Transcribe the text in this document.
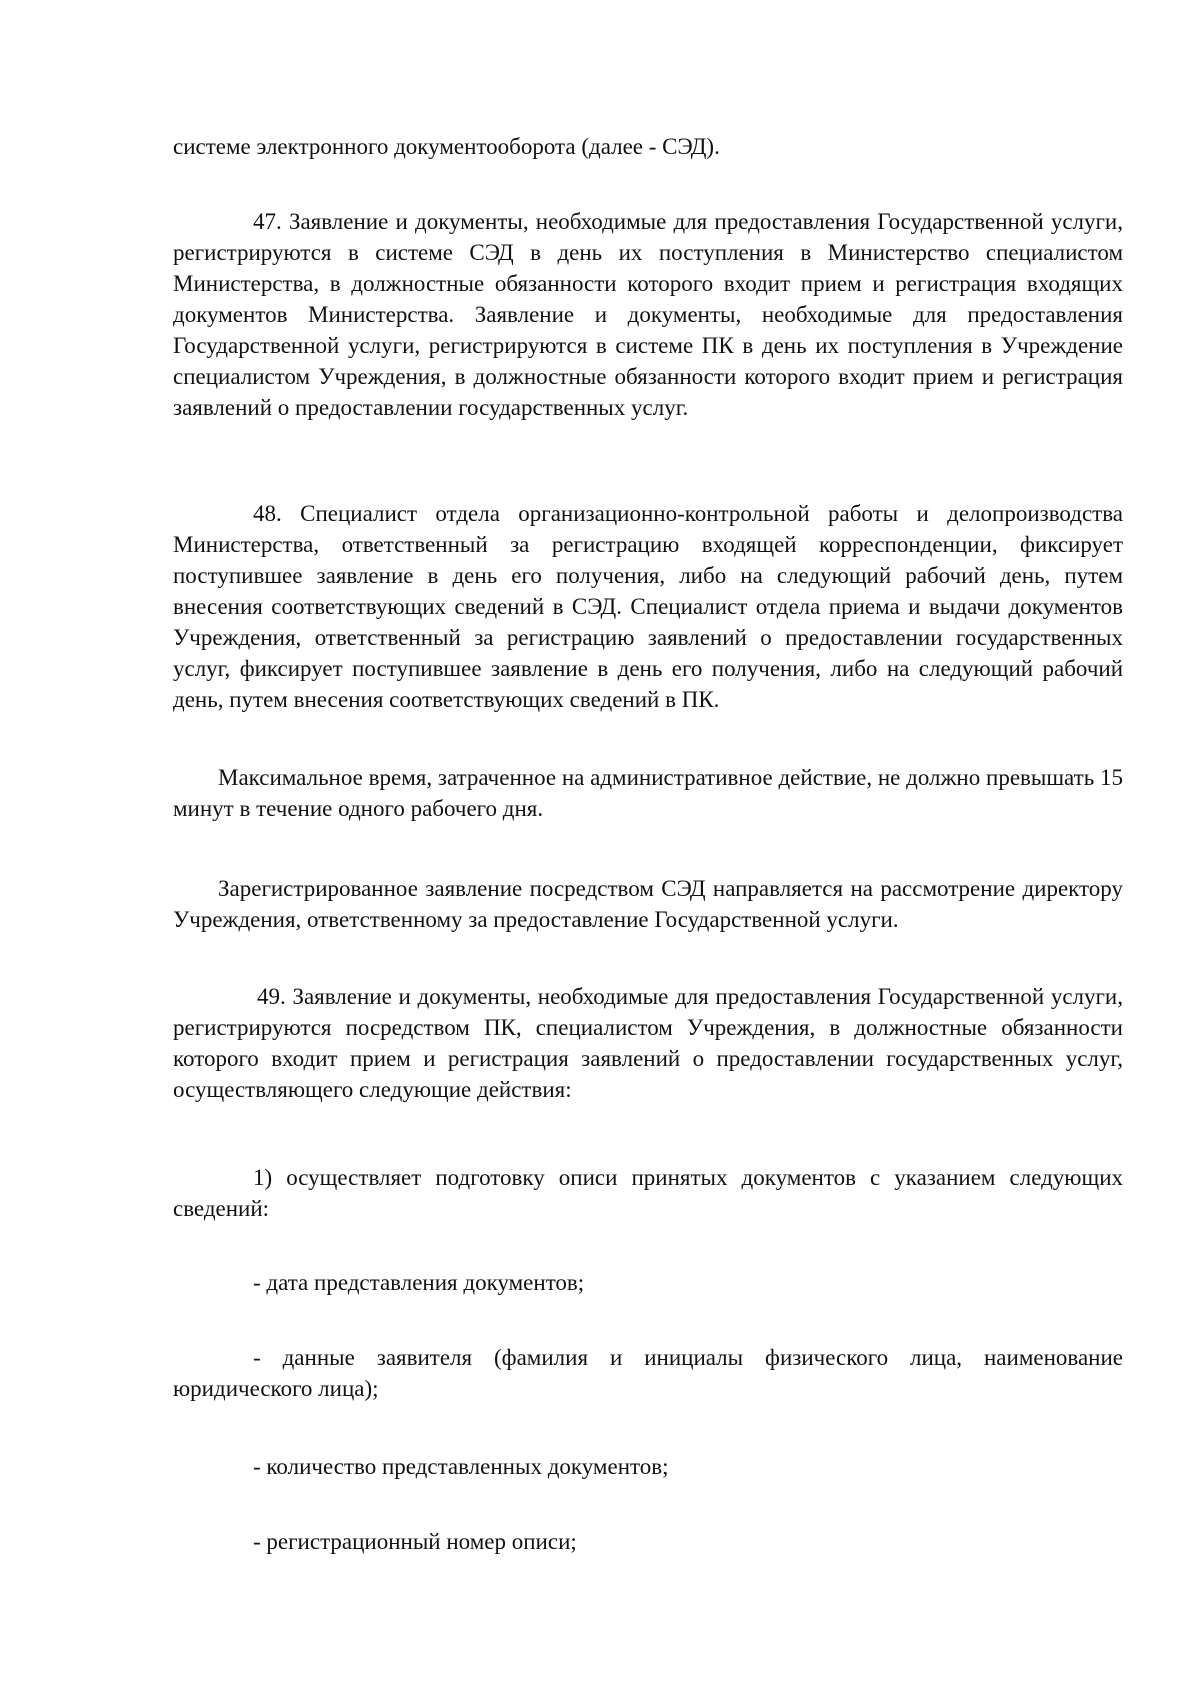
системе электронного документооборота (далее - СЭД).

47. Заявление и документы, необходимые для предоставления Государственной услуги, регистрируются в системе СЭД в день их поступления в Министерство специалистом Министерства, в должностные обязанности которого входит прием и регистрация входящих документов Министерства. Заявление и документы, необходимые для предоставления Государственной услуги, регистрируются в системе ПК в день их поступления в Учреждение специалистом Учреждения, в должностные обязанности которого входит прием и регистрация заявлений о предоставлении государственных услуг.

48. Специалист отдела организационно-контрольной работы и делопроизводства Министерства, ответственный за регистрацию входящей корреспонденции, фиксирует поступившее заявление в день его получения, либо на следующий рабочий день, путем внесения соответствующих сведений в СЭД. Специалист отдела приема и выдачи документов Учреждения, ответственный за регистрацию заявлений о предоставлении государственных услуг, фиксирует поступившее заявление в день его получения, либо на следующий рабочий день, путем внесения соответствующих сведений в ПК.

Максимальное время, затраченное на административное действие, не должно превышать 15 минут в течение одного рабочего дня.

Зарегистрированное заявление посредством СЭД направляется на рассмотрение директору Учреждения, ответственному за предоставление Государственной услуги.

49. Заявление и документы, необходимые для предоставления Государственной услуги, регистрируются посредством ПК, специалистом Учреждения, в должностные обязанности которого входит прием и регистрация заявлений о предоставлении государственных услуг, осуществляющего следующие действия:

1) осуществляет подготовку описи принятых документов с указанием следующих сведений:

- дата представления документов;

- данные заявителя (фамилия и инициалы физического лица, наименование юридического лица);

- количество представленных документов;

- регистрационный номер описи;
